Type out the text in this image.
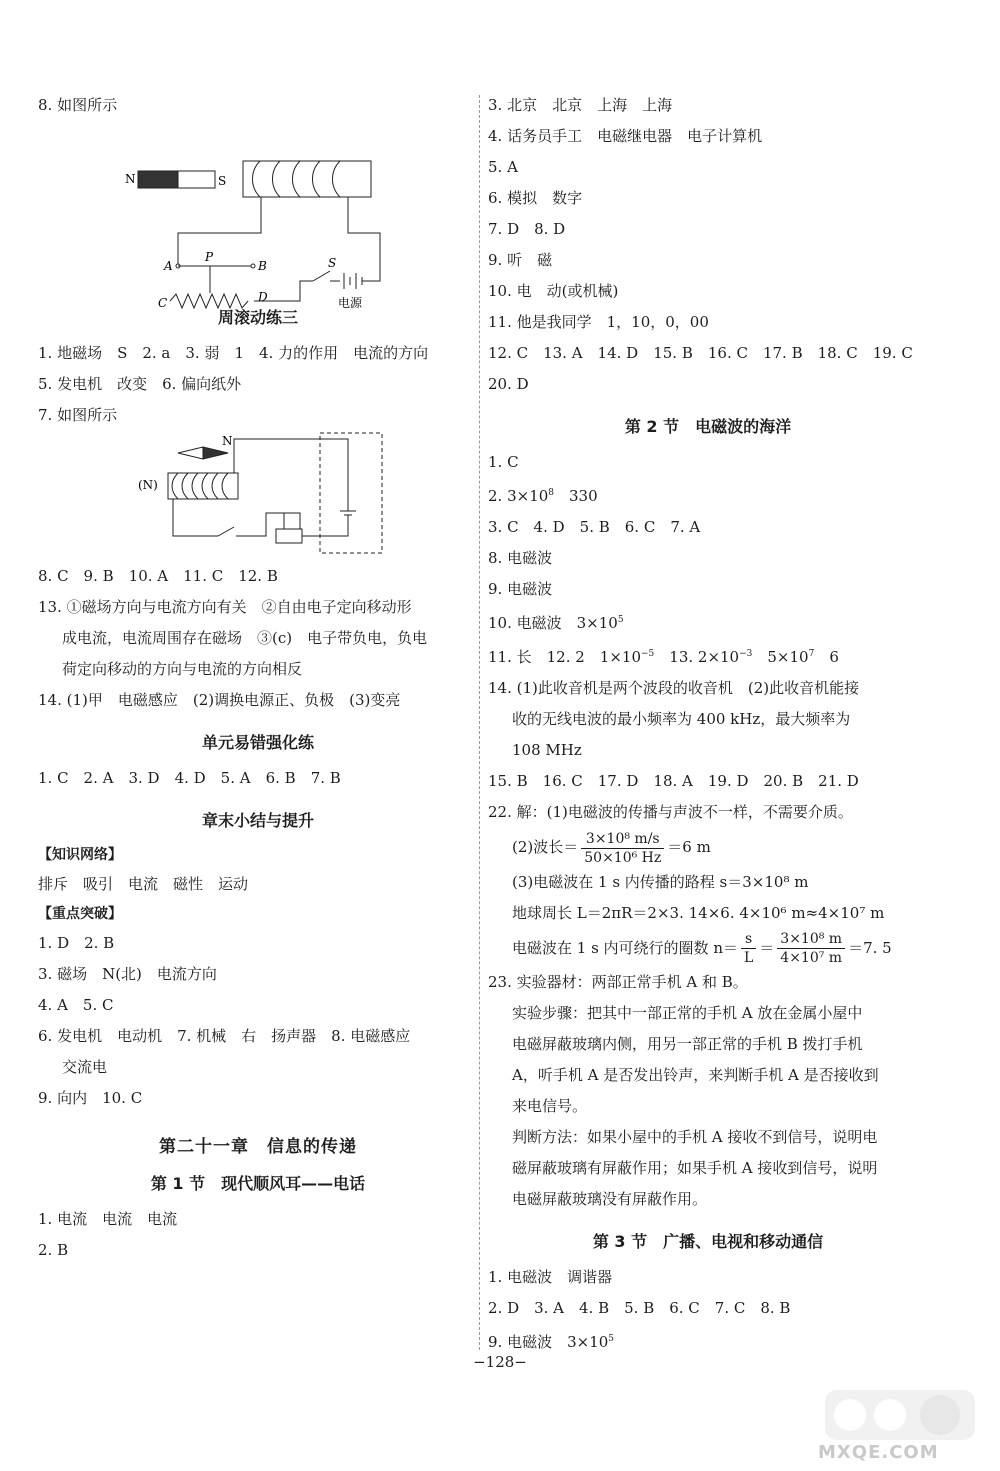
8. 如图所示
N	S
A	B
P
C	D
S
电源
周滚动练三
1. 地磁场　S　2. a　3. 弱　1　4. 力的作用　电流的方向
5. 发电机　改变　6. 偏向纸外
7. 如图所示
N
(N)
8. C　9. B　10. A　11. C　12. B
13. ①磁场方向与电流方向有关　②自由电子定向移动形
成电流，电流周围存在磁场　③(c)　电子带负电，负电
荷定向移动的方向与电流的方向相反
14. (1)甲　电磁感应　(2)调换电源正、负极　(3)变亮
单元易错强化练
1. C　2. A　3. D　4. D　5. A　6. B　7. B
章末小结与提升
【知识网络】
排斥　吸引　电流　磁性　运动
【重点突破】
1. D　2. B
3. 磁场　N(北)　电流方向
4. A　5. C
6. 发电机　电动机　7. 机械　右　扬声器　8. 电磁感应
交流电
9. 向内　10. C
第二十一章　信息的传递
第 1 节　现代顺风耳——电话
1. 电流　电流　电流
2. B
3. 北京　北京　上海　上海
4. 话务员手工　电磁继电器　电子计算机
5. A
6. 模拟　数字
7. D　8. D
9. 听　磁
10. 电　动(或机械)
11. 他是我同学　1，10，0，00
12. C　13. A　14. D　15. B　16. C　17. B　18. C　19. C
20. D
第 2 节　电磁波的海洋
1. C
2. $3\times 10^8$　330
3. C　4. D　5. B　6. C　7. A
8. 电磁波
9. 电磁波
10. 电磁波　$3\times 10^5$
11. 长　12. 2　$1\times 10^{-5}$　13. $2\times 10^{-3}$　$5\times 10^7$　6
14. (1)此收音机是两个波段的收音机　(2)此收音机能接
收的无线电波的最小频率为 400 kHz，最大频率为
108 MHz
15. B　16. C　17. D　18. A　19. D　20. B　21. D
22. 解：(1)电磁波的传播与声波不一样，不需要介质。
(2)波长＝ $\frac{\text{3×10⁸ m/s}}{\text{50×10⁶ Hz}} =6$ m
(3)电磁波在 1 s 内传播的路程 s＝3×10⁸ m
地球周长 L＝2πR＝2×3. 14×6. 4×10⁶ m≈4×10⁷ m
电磁波在 1 s 内可绕行的圈数 $n= \frac{s}{L} = \frac{\text{3×10⁸ m}}{\text{4×10⁷ m}} =7$. 5
23. 实验器材：两部正常手机 A 和 B。
实验步骤：把其中一部正常的手机 A 放在金属小屋中
电磁屏蔽玻璃内侧，用另一部正常的手机 B 拨打手机
A，听手机 A 是否发出铃声，来判断手机 A 是否接收到
来电信号。
判断方法：如果小屋中的手机 A 接收不到信号，说明电
磁屏蔽玻璃有屏蔽作用；如果手机 A 接收到信号，说明
电磁屏蔽玻璃没有屏蔽作用。
第 3 节　广播、电视和移动通信
1. 电磁波　调谐器
2. D　3. A　4. B　5. B　6. C　7. C　8. B
9. 电磁波　$3\times 10^5$
−128−
MXQE.COM
